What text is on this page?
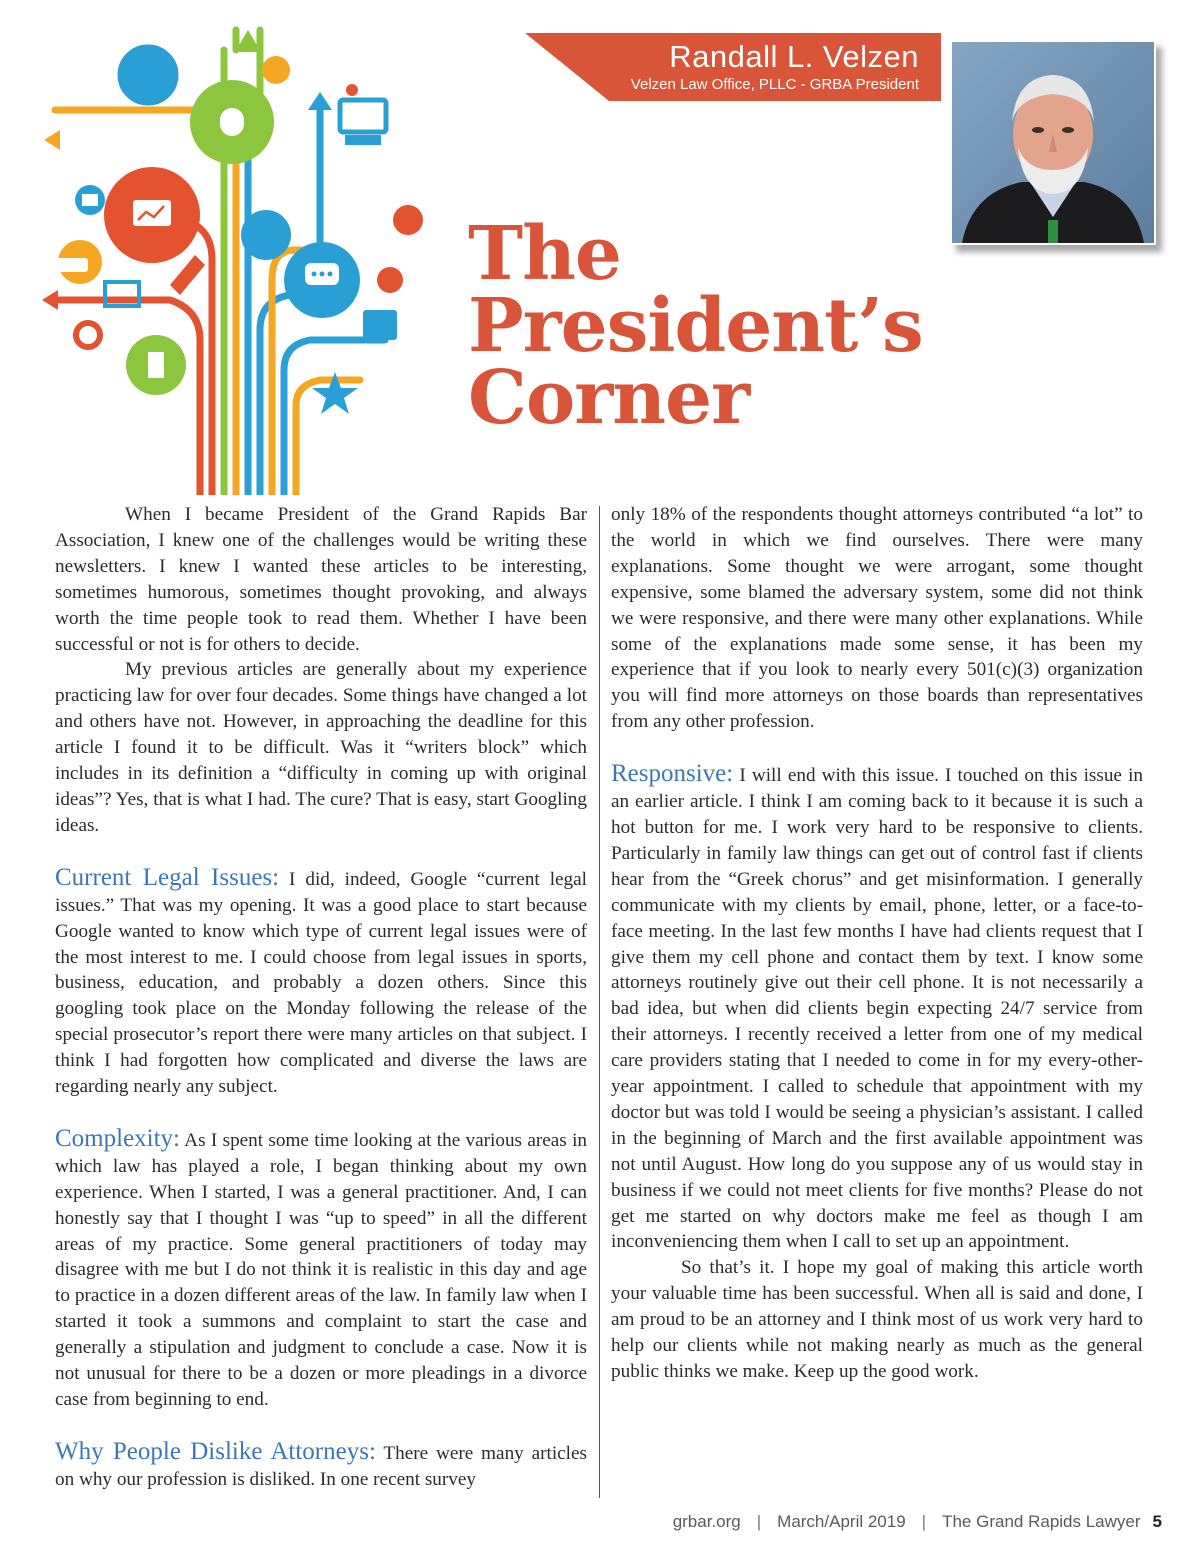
Randall L. Velzen
Velzen Law Office, PLLC - GRBA President
The
President’s
Corner

When I became President of the Grand Rapids Bar Association, I knew one of the challenges would be writing these newsletters. I knew I wanted these articles to be interesting, sometimes humorous, sometimes thought provoking, and always worth the time people took to read them. Whether I have been successful or not is for others to decide.

My previous articles are generally about my experience practicing law for over four decades. Some things have changed a lot and others have not. However, in approaching the deadline for this article I found it to be difficult. Was it “writers block” which includes in its definition a “difficulty in coming up with original ideas”? Yes, that is what I had. The cure? That is easy, start Googling ideas.

Current Legal Issues: I did, indeed, Google “current legal issues.” That was my opening. It was a good place to start because Google wanted to know which type of current legal issues were of the most interest to me. I could choose from legal issues in sports, business, education, and probably a dozen others. Since this googling took place on the Monday following the release of the special prosecutor’s report there were many articles on that subject. I think I had forgotten how complicated and diverse the laws are regarding nearly any subject.

Complexity: As I spent some time looking at the various areas in which law has played a role, I began thinking about my own experience. When I started, I was a general practitioner. And, I can honestly say that I thought I was “up to speed” in all the different areas of my practice. Some general practitioners of today may disagree with me but I do not think it is realistic in this day and age to practice in a dozen different areas of the law. In family law when I started it took a summons and complaint to start the case and generally a stipulation and judgment to conclude a case. Now it is not unusual for there to be a dozen or more pleadings in a divorce case from beginning to end.

Why People Dislike Attorneys: There were many articles on why our profession is disliked. In one recent survey

only 18% of the respondents thought attorneys contributed “a lot” to the world in which we find ourselves. There were many explanations. Some thought we were arrogant, some thought expensive, some blamed the adversary system, some did not think we were responsive, and there were many other explanations. While some of the explanations made some sense, it has been my experience that if you look to nearly every 501(c)(3) organization you will find more attorneys on those boards than representatives from any other profession.

Responsive: I will end with this issue. I touched on this issue in an earlier article. I think I am coming back to it because it is such a hot button for me. I work very hard to be responsive to clients. Particularly in family law things can get out of control fast if clients hear from the “Greek chorus” and get misinformation. I generally communicate with my clients by email, phone, letter, or a face-to-face meeting. In the last few months I have had clients request that I give them my cell phone and contact them by text. I know some attorneys routinely give out their cell phone. It is not necessarily a bad idea, but when did clients begin expecting 24/7 service from their attorneys. I recently received a letter from one of my medical care providers stating that I needed to come in for my every-other-year appointment. I called to schedule that appointment with my doctor but was told I would be seeing a physician’s assistant. I called in the beginning of March and the first available appointment was not until August. How long do you suppose any of us would stay in business if we could not meet clients for five months? Please do not get me started on why doctors make me feel as though I am inconveniencing them when I call to set up an appointment.

So that’s it. I hope my goal of making this article worth your valuable time has been successful. When all is said and done, I am proud to be an attorney and I think most of us work very hard to help our clients while not making nearly as much as the general public thinks we make. Keep up the good work.

grbar.org | March/April 2019 | The Grand Rapids Lawyer 5
